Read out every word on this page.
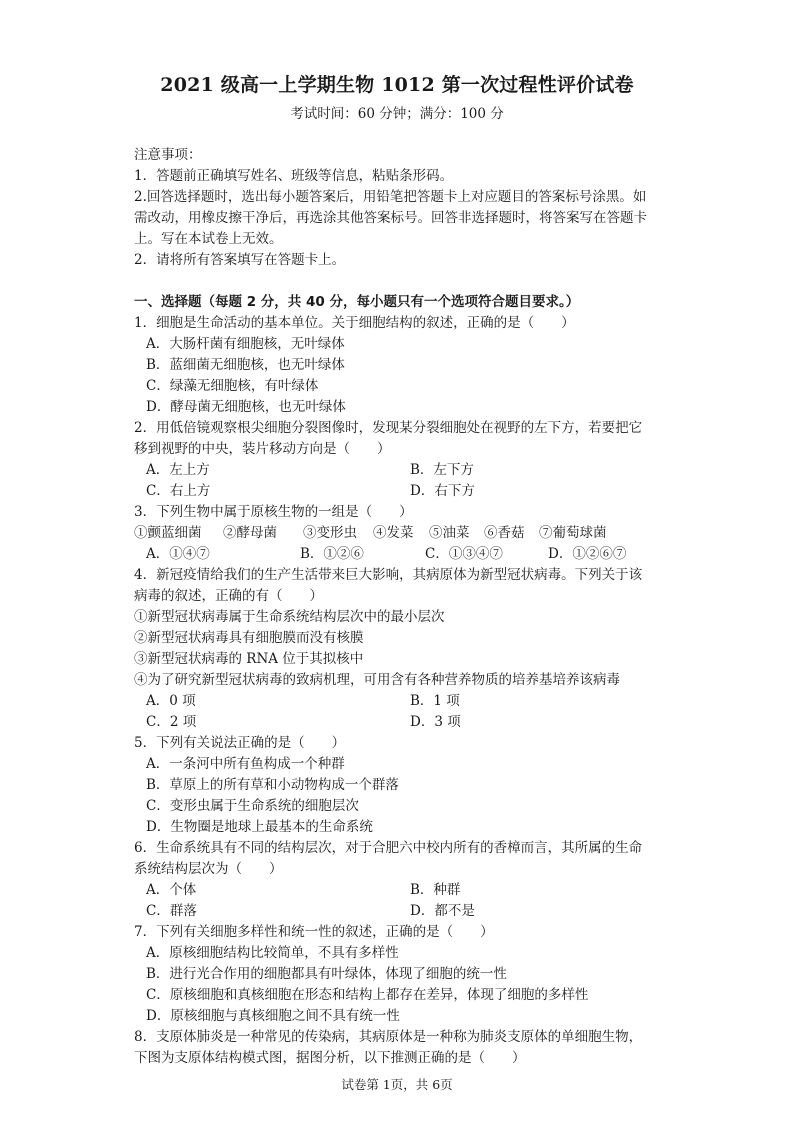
2021 级高一上学期生物 1012 第一次过程性评价试卷
考试时间：60 分钟；满分：100 分
注意事项：
1．答题前正确填写姓名、班级等信息，粘贴条形码。
2.回答选择题时，选出每小题答案后，用铅笔把答题卡上对应题目的答案标号涂黑。如
需改动，用橡皮擦干净后，再选涂其他答案标号。回答非选择题时，将答案写在答题卡
上。写在本试卷上无效。
2．请将所有答案填写在答题卡上。
一、选择题（每题 2 分，共 40 分，每小题只有一个选项符合题目要求。）
1．细胞是生命活动的基本单位。关于细胞结构的叙述，正确的是（　　）
A．大肠杆菌有细胞核，无叶绿体
B．蓝细菌无细胞核，也无叶绿体
C．绿藻无细胞核，有叶绿体
D．酵母菌无细胞核，也无叶绿体
2．用低倍镜观察根尖细胞分裂图像时，发现某分裂细胞处在视野的左下方，若要把它
移到视野的中央，装片移动方向是（　　）
A．左上方	B．左下方
C．右上方	D．右下方
3．下列生物中属于原核生物的一组是（　　）
①颤蓝细菌 ②酵母菌 ③变形虫 ④发菜 ⑤油菜 ⑥香菇 ⑦葡萄球菌
A．①④⑦	B．①②⑥	C．①③④⑦	D．①②⑥⑦
4．新冠疫情给我们的生产生活带来巨大影响，其病原体为新型冠状病毒。下列关于该
病毒的叙述，正确的有（　　）
①新型冠状病毒属于生命系统结构层次中的最小层次
②新型冠状病毒具有细胞膜而没有核膜
③新型冠状病毒的 RNA 位于其拟核中
④为了研究新型冠状病毒的致病机理，可用含有各种营养物质的培养基培养该病毒
A．0 项	B．1 项
C．2 项	D．3 项
5．下列有关说法正确的是（　　）
A．一条河中所有鱼构成一个种群
B．草原上的所有草和小动物构成一个群落
C．变形虫属于生命系统的细胞层次
D．生物圈是地球上最基本的生命系统
6．生命系统具有不同的结构层次，对于合肥六中校内所有的香樟而言，其所属的生命
系统结构层次为（　　）
A．个体	B．种群
C．群落	D．都不是
7．下列有关细胞多样性和统一性的叙述，正确的是（　　）
A．原核细胞结构比较简单，不具有多样性
B．进行光合作用的细胞都具有叶绿体，体现了细胞的统一性
C．原核细胞和真核细胞在形态和结构上都存在差异，体现了细胞的多样性
D．原核细胞与真核细胞之间不具有统一性
8．支原体肺炎是一种常见的传染病，其病原体是一种称为肺炎支原体的单细胞生物，
下图为支原体结构模式图，据图分析，以下推测正确的是（　　）
试卷第 1页，共 6页
